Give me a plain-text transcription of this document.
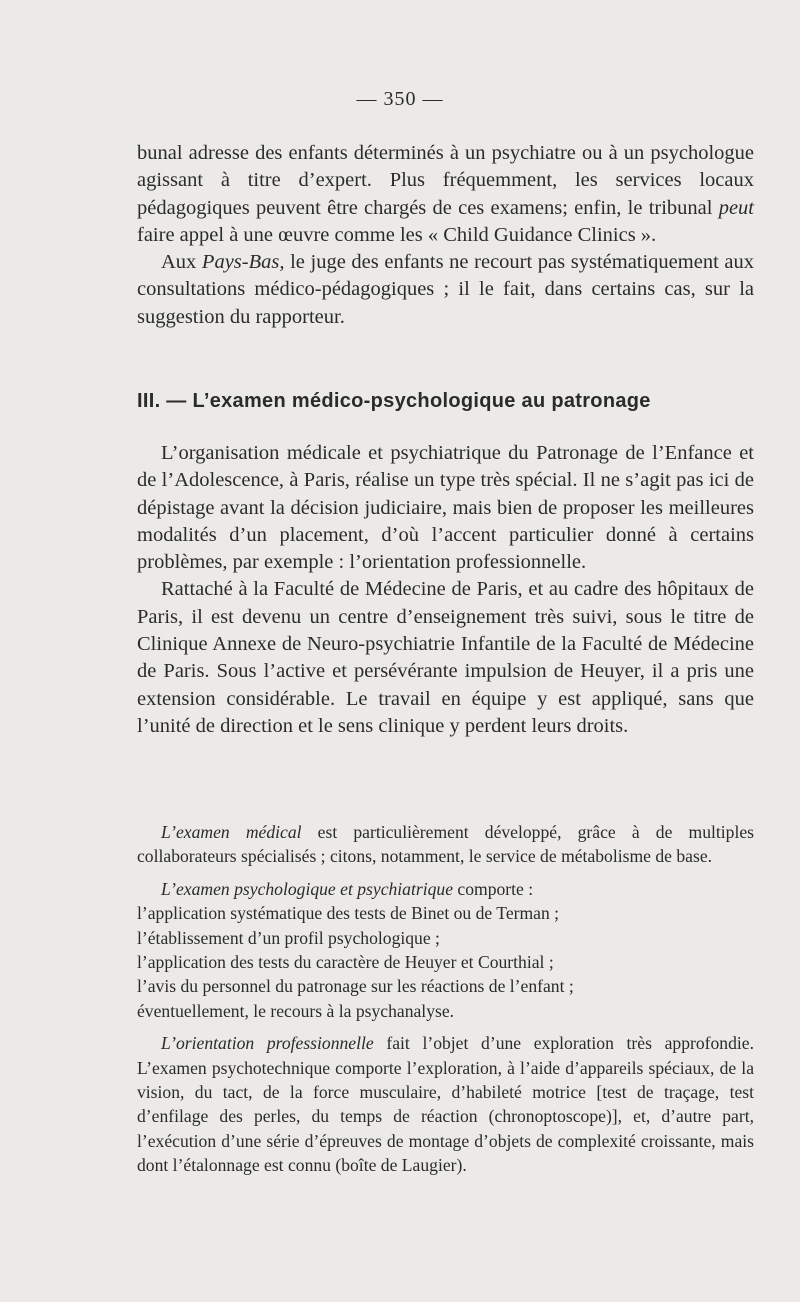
— 350 —

bunal adresse des enfants déterminés à un psychiatre ou à un psychologue agissant à titre d’expert. Plus fréquemment, les services locaux pédagogiques peuvent être chargés de ces examens; enfin, le tribunal peut faire appel à une œuvre comme les « Child Guidance Clinics ».

Aux Pays-Bas, le juge des enfants ne recourt pas systématiquement aux consultations médico-pédagogiques ; il le fait, dans certains cas, sur la suggestion du rapporteur.

III. — L’examen médico-psychologique au patronage

L’organisation médicale et psychiatrique du Patronage de l’Enfance et de l’Adolescence, à Paris, réalise un type très spécial. Il ne s’agit pas ici de dépistage avant la décision judiciaire, mais bien de proposer les meilleures modalités d’un placement, d’où l’accent particulier donné à certains problèmes, par exemple : l’orientation professionnelle.

Rattaché à la Faculté de Médecine de Paris, et au cadre des hôpitaux de Paris, il est devenu un centre d’enseignement très suivi, sous le titre de Clinique Annexe de Neuro-psychiatrie Infantile de la Faculté de Médecine de Paris. Sous l’active et persévérante impulsion de Heuyer, il a pris une extension considérable. Le travail en équipe y est appliqué, sans que l’unité de direction et le sens clinique y perdent leurs droits.

L’examen médical est particulièrement développé, grâce à de multiples collaborateurs spécialisés ; citons, notamment, le service de métabolisme de base.

L’examen psychologique et psychiatrique comporte :

l’application systématique des tests de Binet ou de Terman ;

l’établissement d’un profil psychologique ;

l’application des tests du caractère de Heuyer et Courthial ;

l’avis du personnel du patronage sur les réactions de l’enfant ;

éventuellement, le recours à la psychanalyse.

L’orientation professionnelle fait l’objet d’une exploration très approfondie. L’examen psychotechnique comporte l’exploration, à l’aide d’appareils spéciaux, de la vision, du tact, de la force musculaire, d’habileté motrice [test de traçage, test d’enfilage des perles, du temps de réaction (chronoptoscope)], et, d’autre part, l’exécution d’une série d’épreuves de montage d’objets de complexité croissante, mais dont l’étalonnage est connu (boîte de Laugier).
